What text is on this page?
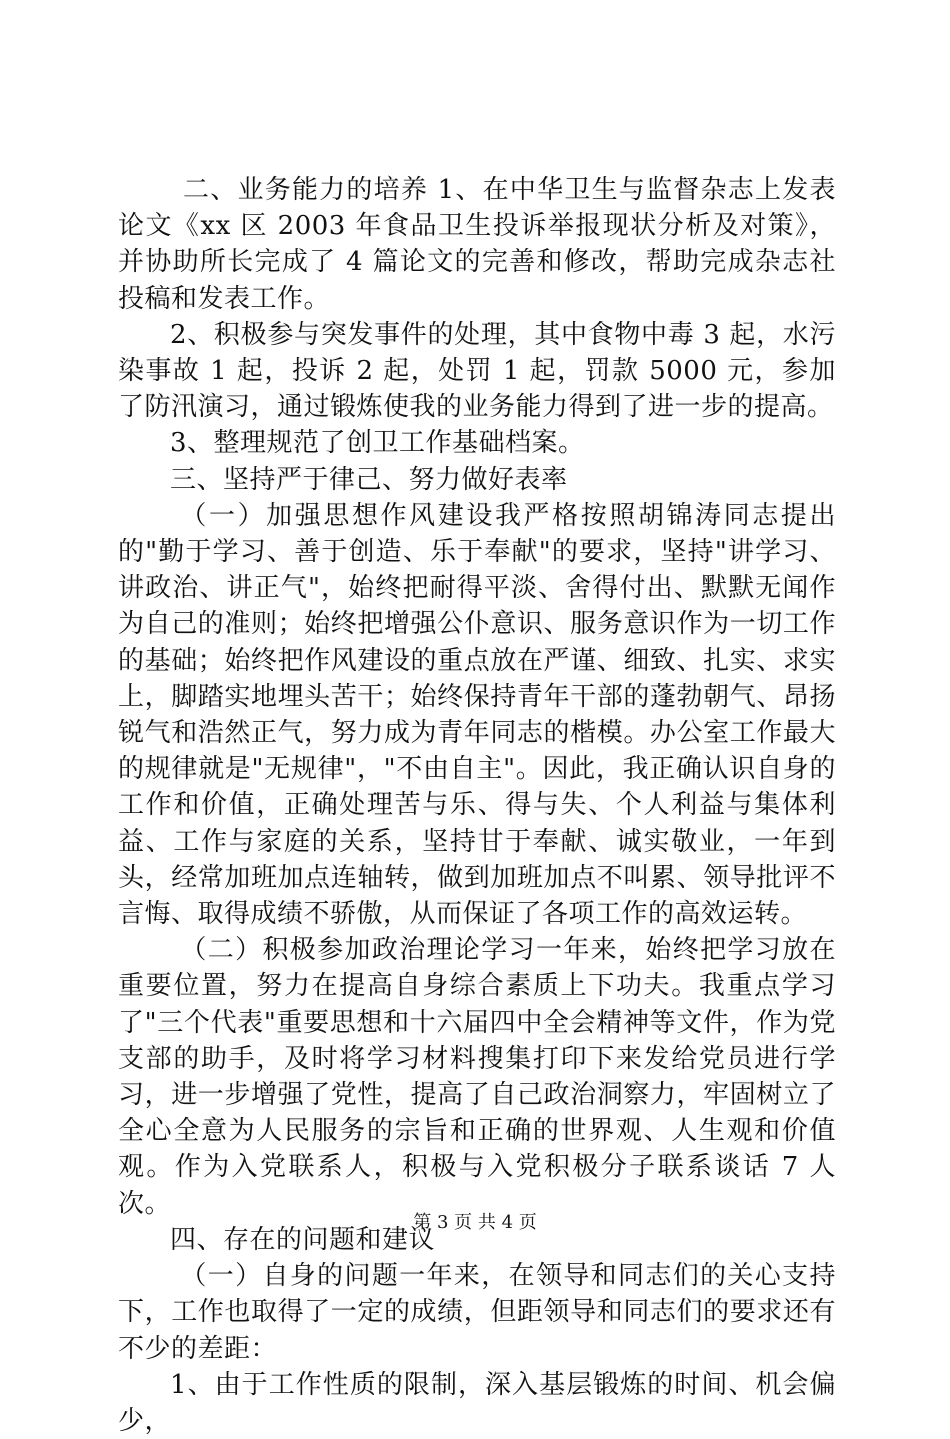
二、业务能力的培养 1、在中华卫生与监督杂志上发表论文《xx 区 2003 年食品卫生投诉举报现状分析及对策》，并协助所长完成了 4 篇论文的完善和修改，帮助完成杂志社投稿和发表工作。

2、积极参与突发事件的处理，其中食物中毒 3 起，水污染事故 1 起，投诉 2 起，处罚 1 起，罚款 5000 元，参加了防汛演习，通过锻炼使我的业务能力得到了进一步的提高。

3、整理规范了创卫工作基础档案。

三、坚持严于律己、努力做好表率

（一）加强思想作风建设我严格按照胡锦涛同志提出的"勤于学习、善于创造、乐于奉献"的要求，坚持"讲学习、讲政治、讲正气"，始终把耐得平淡、舍得付出、默默无闻作为自己的准则；始终把增强公仆意识、服务意识作为一切工作的基础；始终把作风建设的重点放在严谨、细致、扎实、求实上，脚踏实地埋头苦干；始终保持青年干部的蓬勃朝气、昂扬锐气和浩然正气，努力成为青年同志的楷模。办公室工作最大的规律就是"无规律"，"不由自主"。因此，我正确认识自身的工作和价值，正确处理苦与乐、得与失、个人利益与集体利益、工作与家庭的关系，坚持甘于奉献、诚实敬业，一年到头，经常加班加点连轴转，做到加班加点不叫累、领导批评不言悔、取得成绩不骄傲，从而保证了各项工作的高效运转。

（二）积极参加政治理论学习一年来，始终把学习放在重要位置，努力在提高自身综合素质上下功夫。我重点学习了"三个代表"重要思想和十六届四中全会精神等文件，作为党支部的助手，及时将学习材料搜集打印下来发给党员进行学习，进一步增强了党性，提高了自己政治洞察力，牢固树立了全心全意为人民服务的宗旨和正确的世界观、人生观和价值观。作为入党联系人，积极与入党积极分子联系谈话 7 人次。

四、存在的问题和建议

（一）自身的问题一年来，在领导和同志们的关心支持下，工作也取得了一定的成绩，但距领导和同志们的要求还有不少的差距：

1、由于工作性质的限制，深入基层锻炼的时间、机会偏少，

第 3 页 共 4 页
